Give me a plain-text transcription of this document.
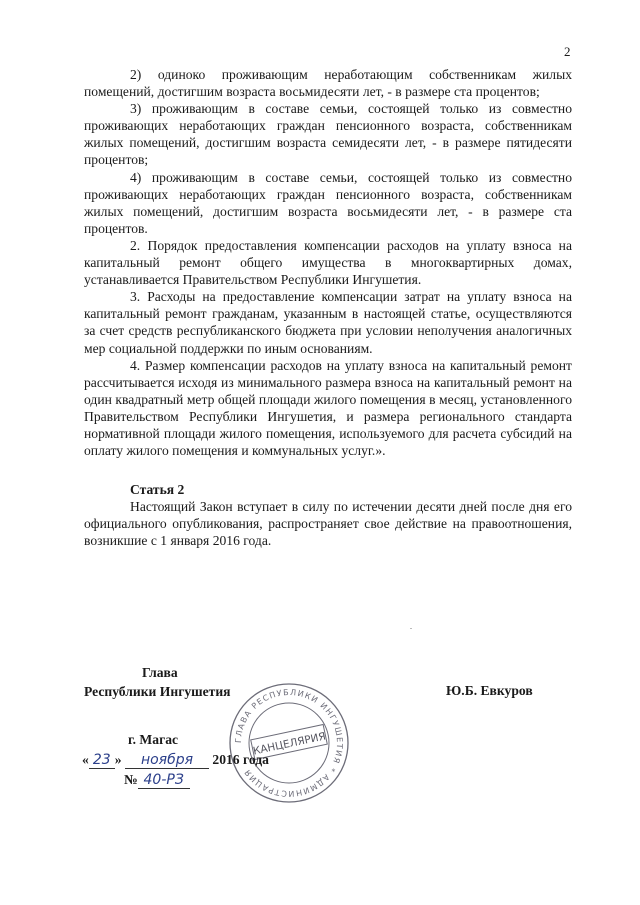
2

2) одиноко проживающим неработающим собственникам жилых помещений, достигшим возраста восьмидесяти лет, - в размере ста процентов;

3) проживающим в составе семьи, состоящей только из совместно проживающих неработающих граждан пенсионного возраста, собственникам жилых помещений, достигшим возраста семидесяти лет, - в размере пятидесяти процентов;

4) проживающим в составе семьи, состоящей только из совместно проживающих неработающих граждан пенсионного возраста, собственникам жилых помещений, достигшим возраста восьмидесяти лет, - в размере ста процентов.

2. Порядок предоставления компенсации расходов на уплату взноса на капитальный ремонт общего имущества в многоквартирных домах, устанавливается Правительством Республики Ингушетия.

3. Расходы на предоставление компенсации затрат на уплату взноса на капитальный ремонт гражданам, указанным в настоящей статье, осуществляются за счет средств республиканского бюджета при условии неполучения аналогичных мер социальной поддержки по иным основаниям.

4. Размер компенсации расходов на уплату взноса на капитальный ремонт рассчитывается исходя из минимального размера взноса на капитальный ремонт на один квадратный метр общей площади жилого помещения в месяц, установленного Правительством Республики Ингушетия, и размера регионального стандарта нормативной площади жилого помещения, используемого для расчета субсидий на оплату жилого помещения и коммунальных услуг.».

Статья 2

Настоящий Закон вступает в силу по истечении десяти дней после дня его официального опубликования, распространяет свое действие на правоотношения, возникшие с 1 января 2016 года.

Глава
Республики Ингушетия	Ю.Б. Евкуров
ГЛАВА РЕСПУБЛИКИ ИНГУШЕТИЯ * АДМИНИСТРАЦИЯ
КАНЦЕЛЯРИЯ
г. Магас
« 23 » ноября 2016 года
№ 40-РЗ
